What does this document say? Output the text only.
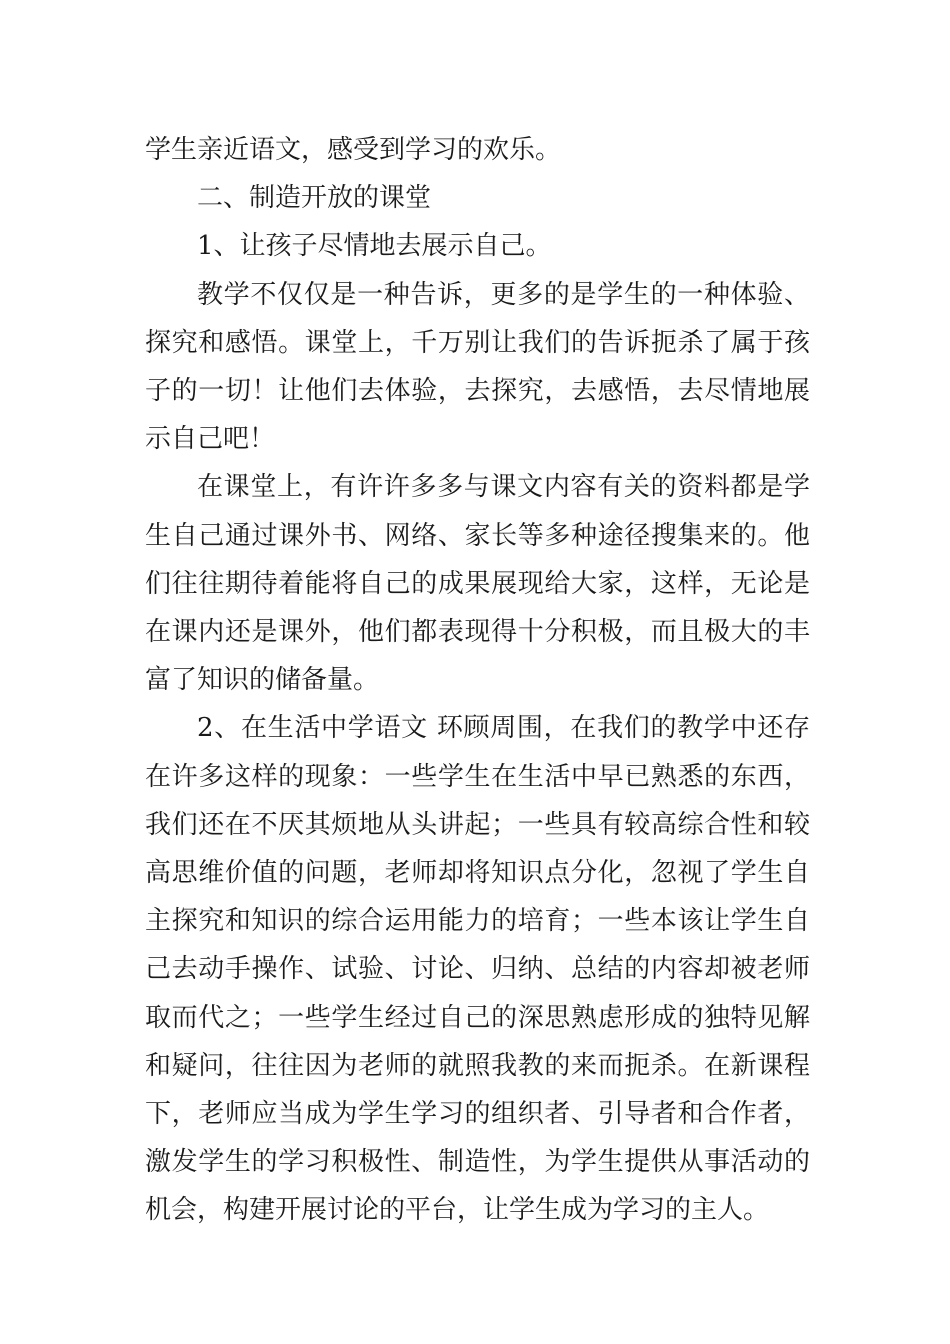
学生亲近语文，感受到学习的欢乐。

二、制造开放的课堂

1、让孩子尽情地去展示自己。

教学不仅仅是一种告诉，更多的是学生的一种体验、探究和感悟。课堂上，千万别让我们的告诉扼杀了属于孩子的一切！让他们去体验，去探究，去感悟，去尽情地展示自己吧！

在课堂上，有许许多多与课文内容有关的资料都是学生自己通过课外书、网络、家长等多种途径搜集来的。他们往往期待着能将自己的成果展现给大家，这样，无论是在课内还是课外，他们都表现得十分积极，而且极大的丰富了知识的储备量。

2、在生活中学语文 环顾周围，在我们的教学中还存在许多这样的现象：一些学生在生活中早已熟悉的东西，我们还在不厌其烦地从头讲起；一些具有较高综合性和较高思维价值的问题，老师却将知识点分化，忽视了学生自主探究和知识的综合运用能力的培育；一些本该让学生自己去动手操作、试验、讨论、归纳、总结的内容却被老师取而代之；一些学生经过自己的深思熟虑形成的独特见解和疑问，往往因为老师的就照我教的来而扼杀。在新课程下，老师应当成为学生学习的组织者、引导者和合作者，激发学生的学习积极性、制造性，为学生提供从事活动的机会，构建开展讨论的平台，让学生成为学习的主人。
